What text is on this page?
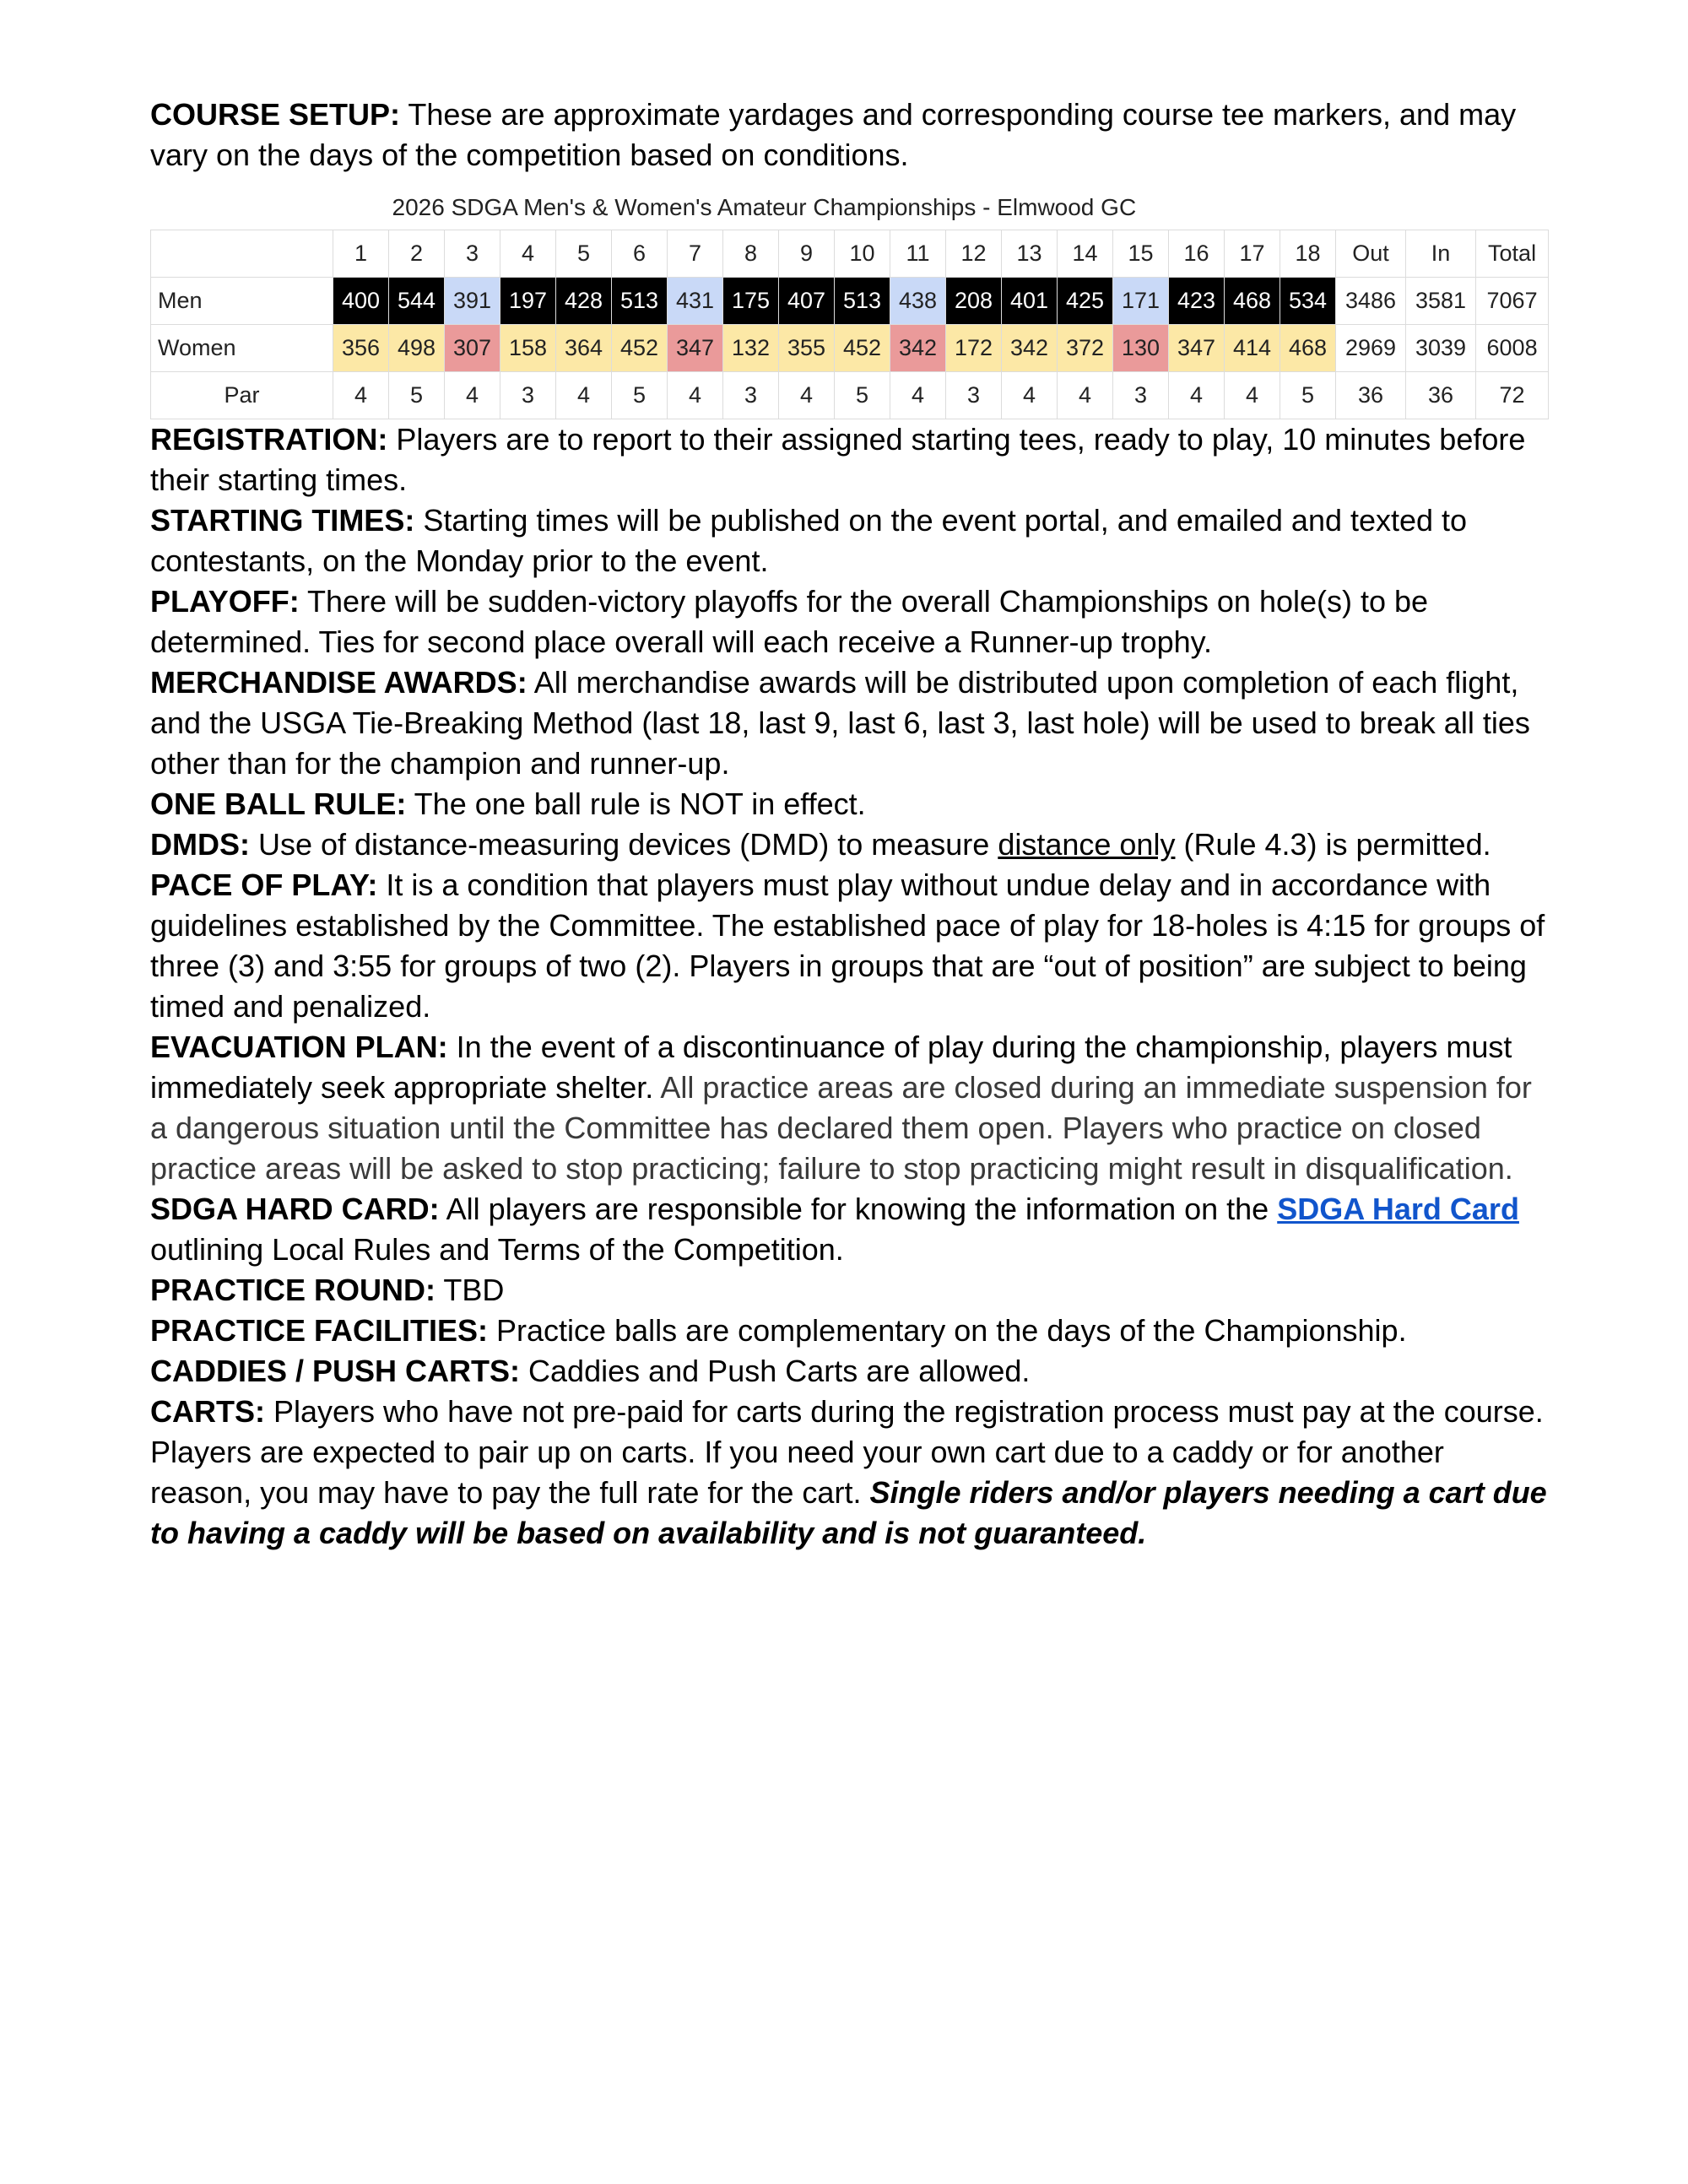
COURSE SETUP: These are approximate yardages and corresponding course tee markers, and may vary on the days of the competition based on conditions.

	2026 SDGA Men's & Women's Amateur Championships - Elmwood GC																				
	1	2	3	4	5	6	7	8	9	10	11	12	13	14	15	16	17	18	Out	In	Total
Men	400	544	391	197	428	513	431	175	407	513	438	208	401	425	171	423	468	534	3486	3581	7067
Women	356	498	307	158	364	452	347	132	355	452	342	172	342	372	130	347	414	468	2969	3039	6008
Par	4	5	4	3	4	5	4	3	4	5	4	3	4	4	3	4	4	5	36	36	72

REGISTRATION: Players are to report to their assigned starting tees, ready to play, 10 minutes before their starting times.

STARTING TIMES: Starting times will be published on the event portal, and emailed and texted to contestants, on the Monday prior to the event.

PLAYOFF: There will be sudden-victory playoffs for the overall Championships on hole(s) to be determined. Ties for second place overall will each receive a Runner-up trophy.

MERCHANDISE AWARDS: All merchandise awards will be distributed upon completion of each flight, and the USGA Tie-Breaking Method (last 18, last 9, last 6, last 3, last hole) will be used to break all ties other than for the champion and runner-up.

ONE BALL RULE: The one ball rule is NOT in effect.

DMDS: Use of distance-measuring devices (DMD) to measure distance only (Rule 4.3) is permitted.

PACE OF PLAY: It is a condition that players must play without undue delay and in accordance with guidelines established by the Committee. The established pace of play for 18-holes is 4:15 for groups of three (3) and 3:55 for groups of two (2). Players in groups that are “out of position” are subject to being timed and penalized.

EVACUATION PLAN: In the event of a discontinuance of play during the championship, players must immediately seek appropriate shelter. All practice areas are closed during an immediate suspension for a dangerous situation until the Committee has declared them open. Players who practice on closed practice areas will be asked to stop practicing; failure to stop practicing might result in disqualification.

SDGA HARD CARD: All players are responsible for knowing the information on the SDGA Hard Card outlining Local Rules and Terms of the Competition.

PRACTICE ROUND: TBD

PRACTICE FACILITIES: Practice balls are complementary on the days of the Championship.

CADDIES / PUSH CARTS: Caddies and Push Carts are allowed.

CARTS: Players who have not pre-paid for carts during the registration process must pay at the course. Players are expected to pair up on carts. If you need your own cart due to a caddy or for another reason, you may have to pay the full rate for the cart. Single riders and/or players needing a cart due to having a caddy will be based on availability and is not guaranteed.
